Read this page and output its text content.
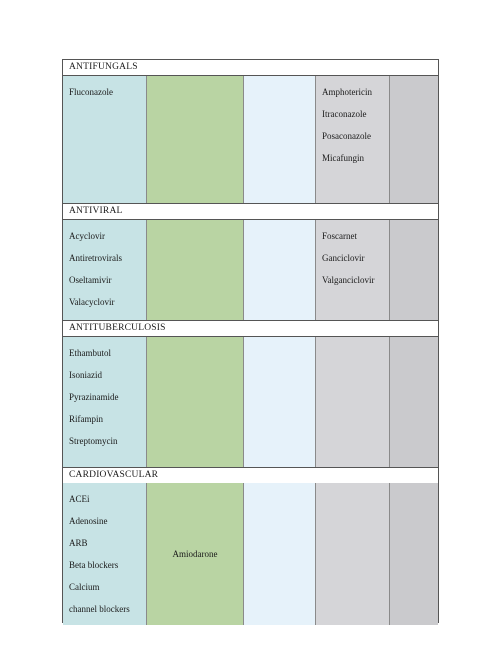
ANTIFUNGALS
Fluconazole	Amphotericin
Itraconazole
Posaconazole
Micafungin
ANTIVIRAL
Acyclovir
Antiretrovirals
Oseltamivir
Valacyclovir
Foscarnet
Ganciclovir
Valganciclovir
ANTITUBERCULOSIS
Ethambutol
Isoniazid
Pyrazinamide
Rifampin
Streptomycin
CARDIOVASCULAR
ACEi
Adenosine
ARB
Beta blockers
Calcium
channel blockers
Amiodarone
